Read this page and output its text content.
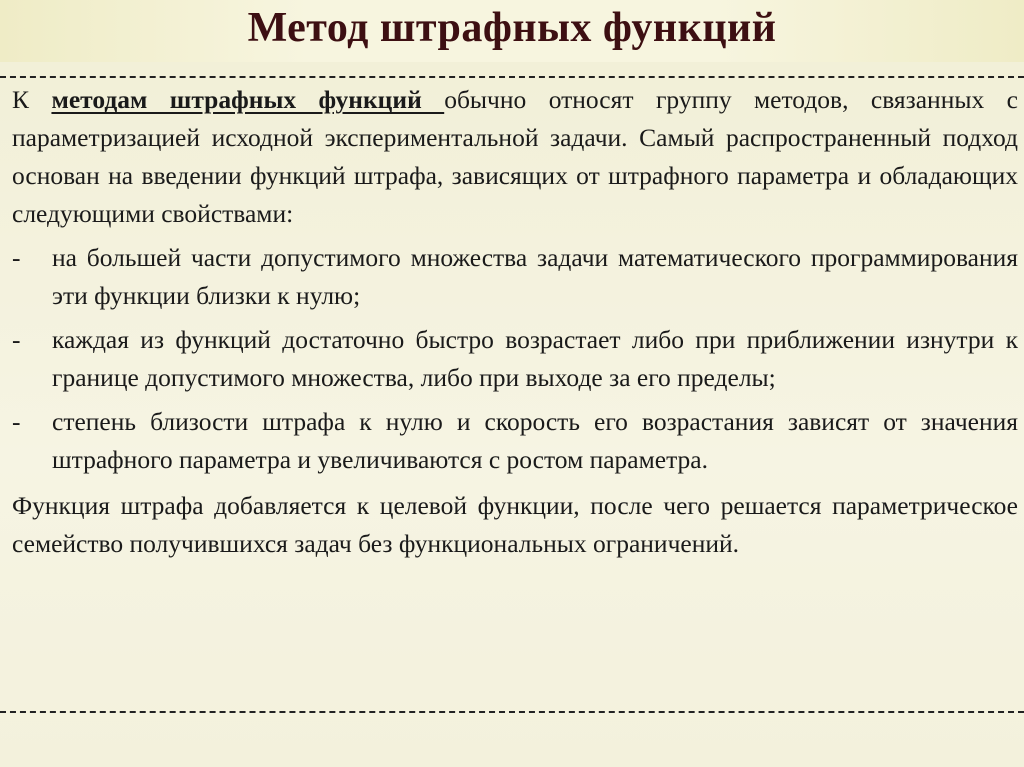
Метод штрафных функций

К методам штрафных функций обычно относят группу методов, связанных с параметризацией исходной экспериментальной задачи. Самый распространенный подход основан на введении функций штрафа, зависящих от штрафного параметра и обладающих следующими свойствами:

-	на большей части допустимого множества задачи математического программирования эти функции близки к нулю;
-	каждая из функций достаточно быстро возрастает либо при приближении изнутри к границе допустимого множества, либо при выходе за его пределы;
-	степень близости штрафа к нулю и скорость его возрастания зависят от значения штрафного параметра и увеличиваются с ростом параметра.

Функция штрафа добавляется к целевой функции, после чего решается параметрическое семейство получившихся задач без функциональных ограничений.
